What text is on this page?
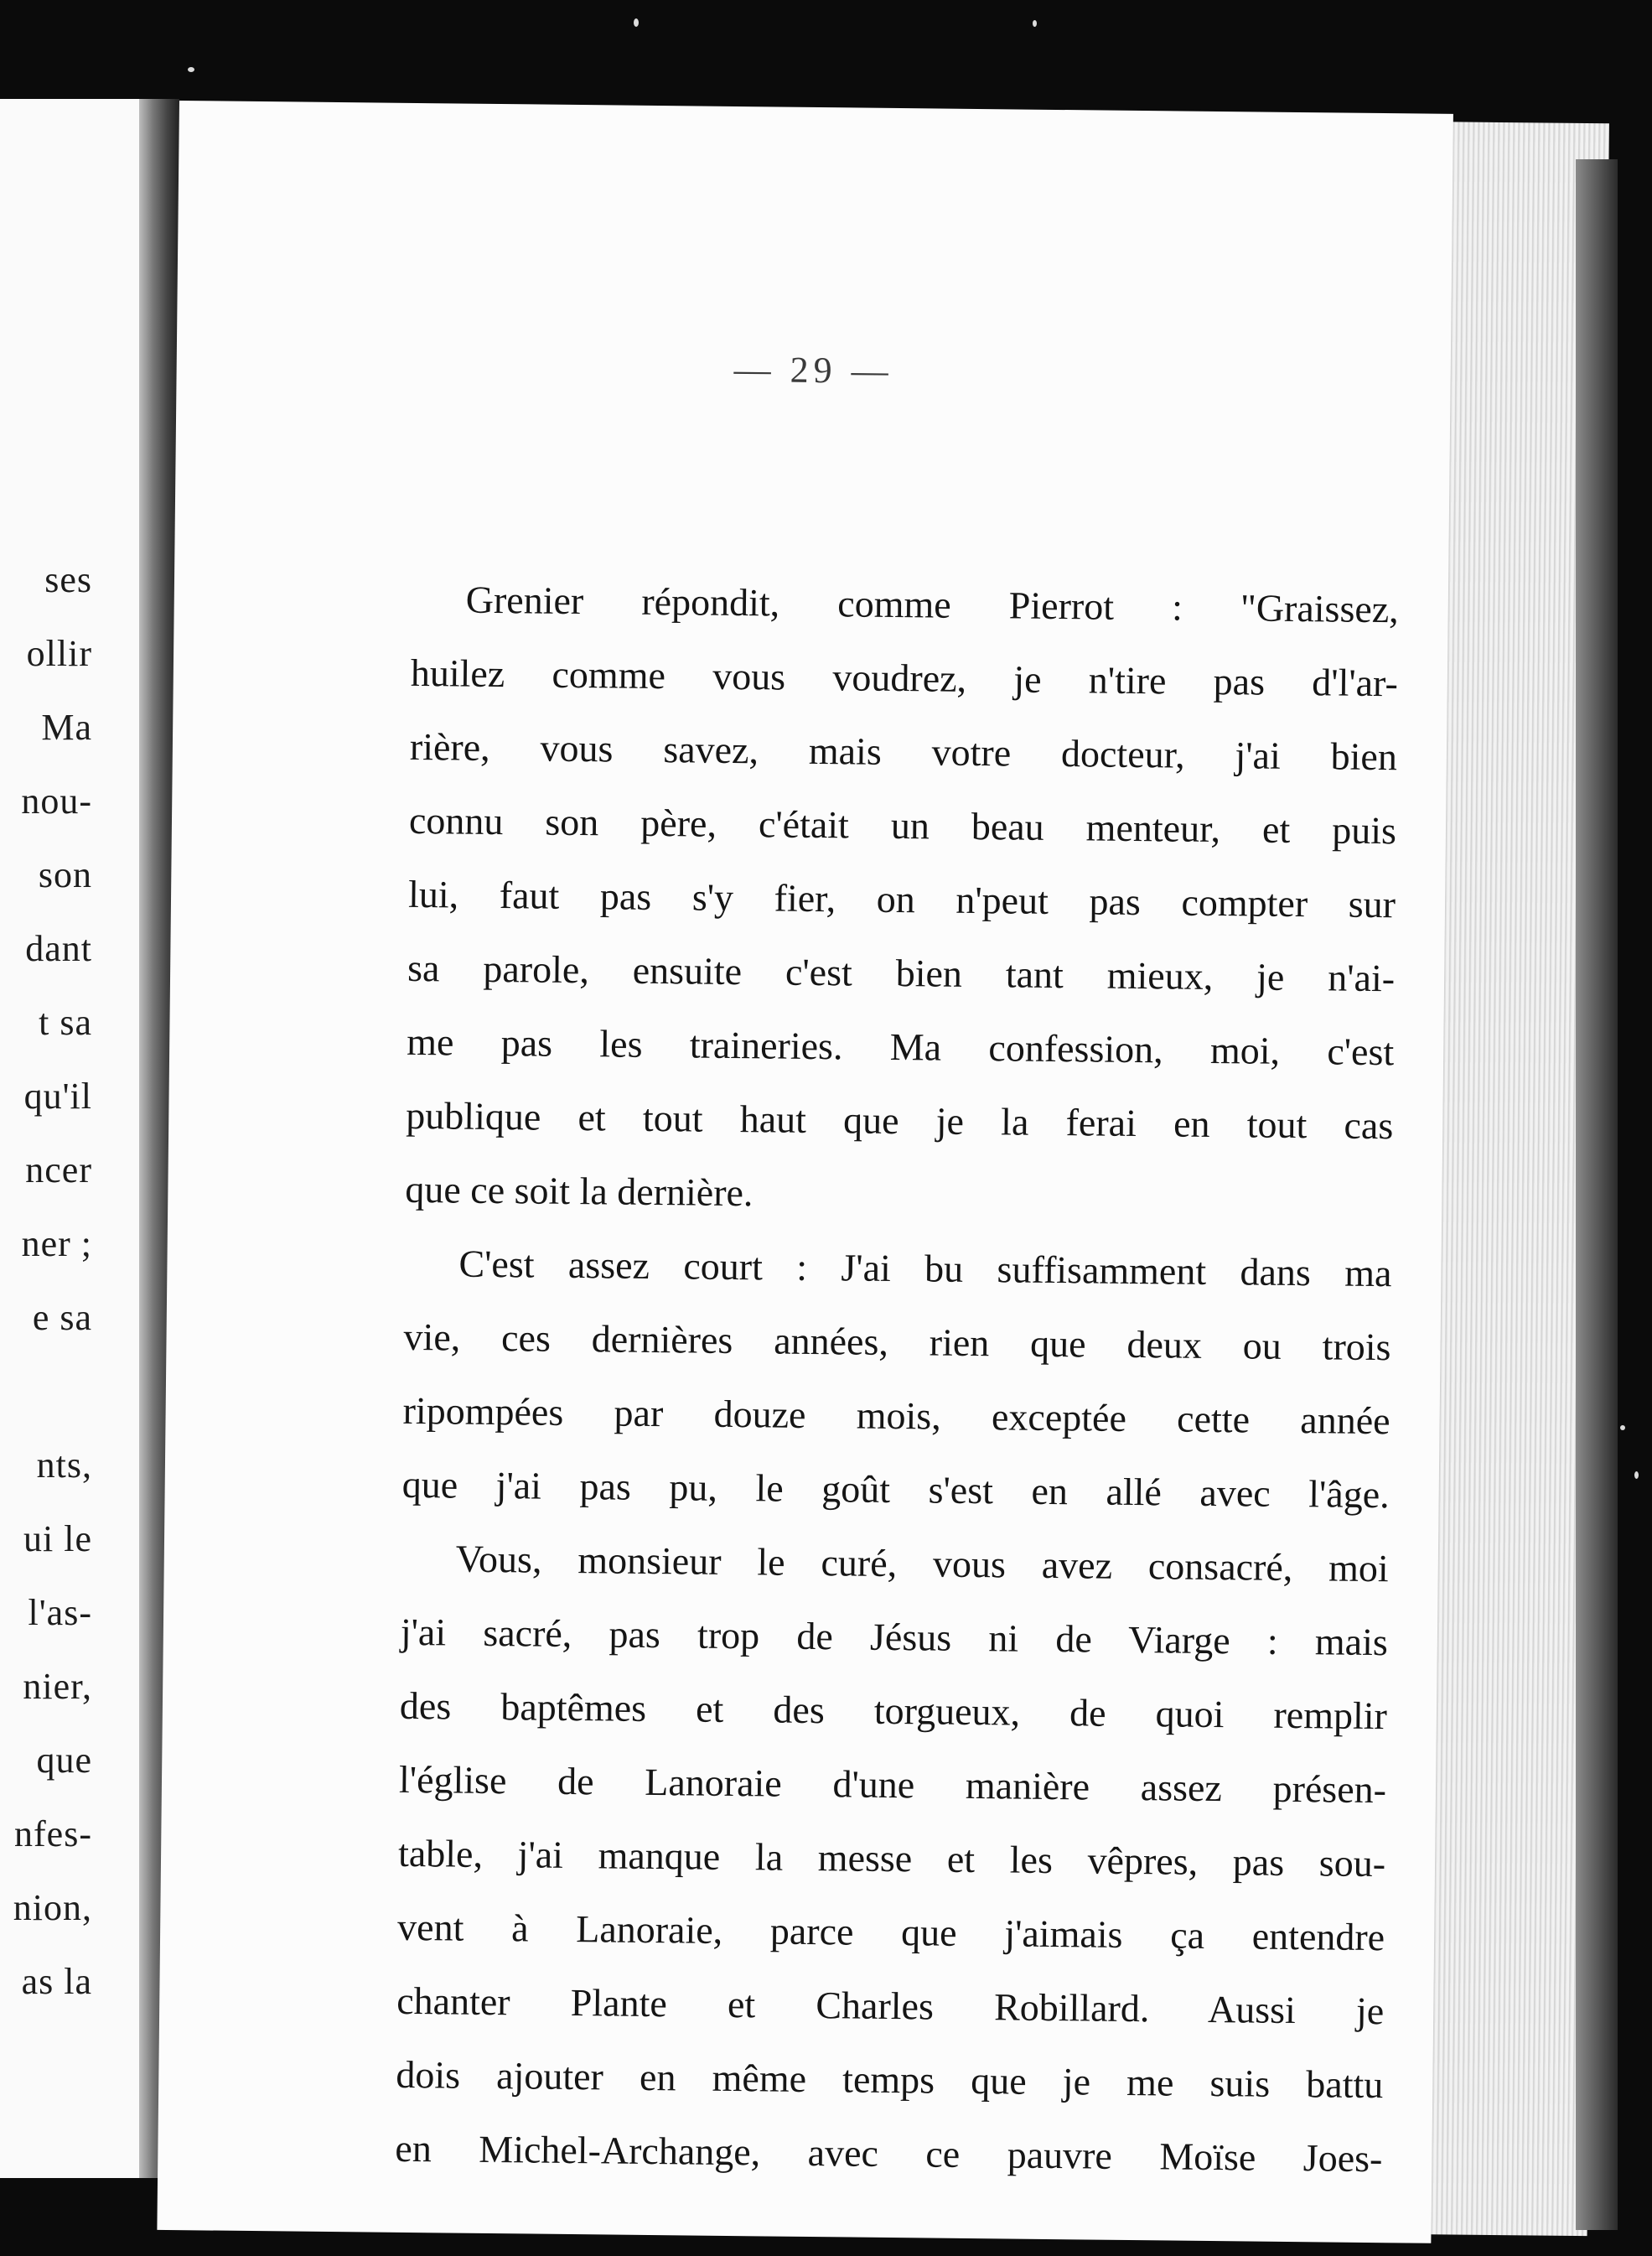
ses
ollir
Ma
nou-
son
dant
t sa
qu'il
ncer
ner ;
e sa
nts,
ui le
l'as-
nier,
que
nfes-
nion,
as la
— 29 —
Grenier répondit, comme Pierrot : "Graissez,
huilez comme vous voudrez, je n'tire pas d'l'ar-
rière, vous savez, mais votre docteur, j'ai bien
connu son père, c'était un beau menteur, et puis
lui, faut pas s'y fier, on n'peut pas compter sur
sa parole, ensuite c'est bien tant mieux, je n'ai-
me pas les traineries. Ma confession, moi, c'est
publique et tout haut que je la ferai en tout cas
que ce soit la dernière.
C'est assez court : J'ai bu suffisamment dans ma
vie, ces dernières années, rien que deux ou trois
ripompées par douze mois, exceptée cette année
que j'ai pas pu, le goût s'est en allé avec l'âge.
Vous, monsieur le curé, vous avez consacré, moi
j'ai sacré, pas trop de Jésus ni de Viarge : mais
des baptêmes et des torgueux, de quoi remplir
l'église de Lanoraie d'une manière assez présen-
table, j'ai manque la messe et les vêpres, pas sou-
vent à Lanoraie, parce que j'aimais ça entendre
chanter Plante et Charles Robillard. Aussi je
dois ajouter en même temps que je me suis battu
en Michel-Archange, avec ce pauvre Moïse Joes-
